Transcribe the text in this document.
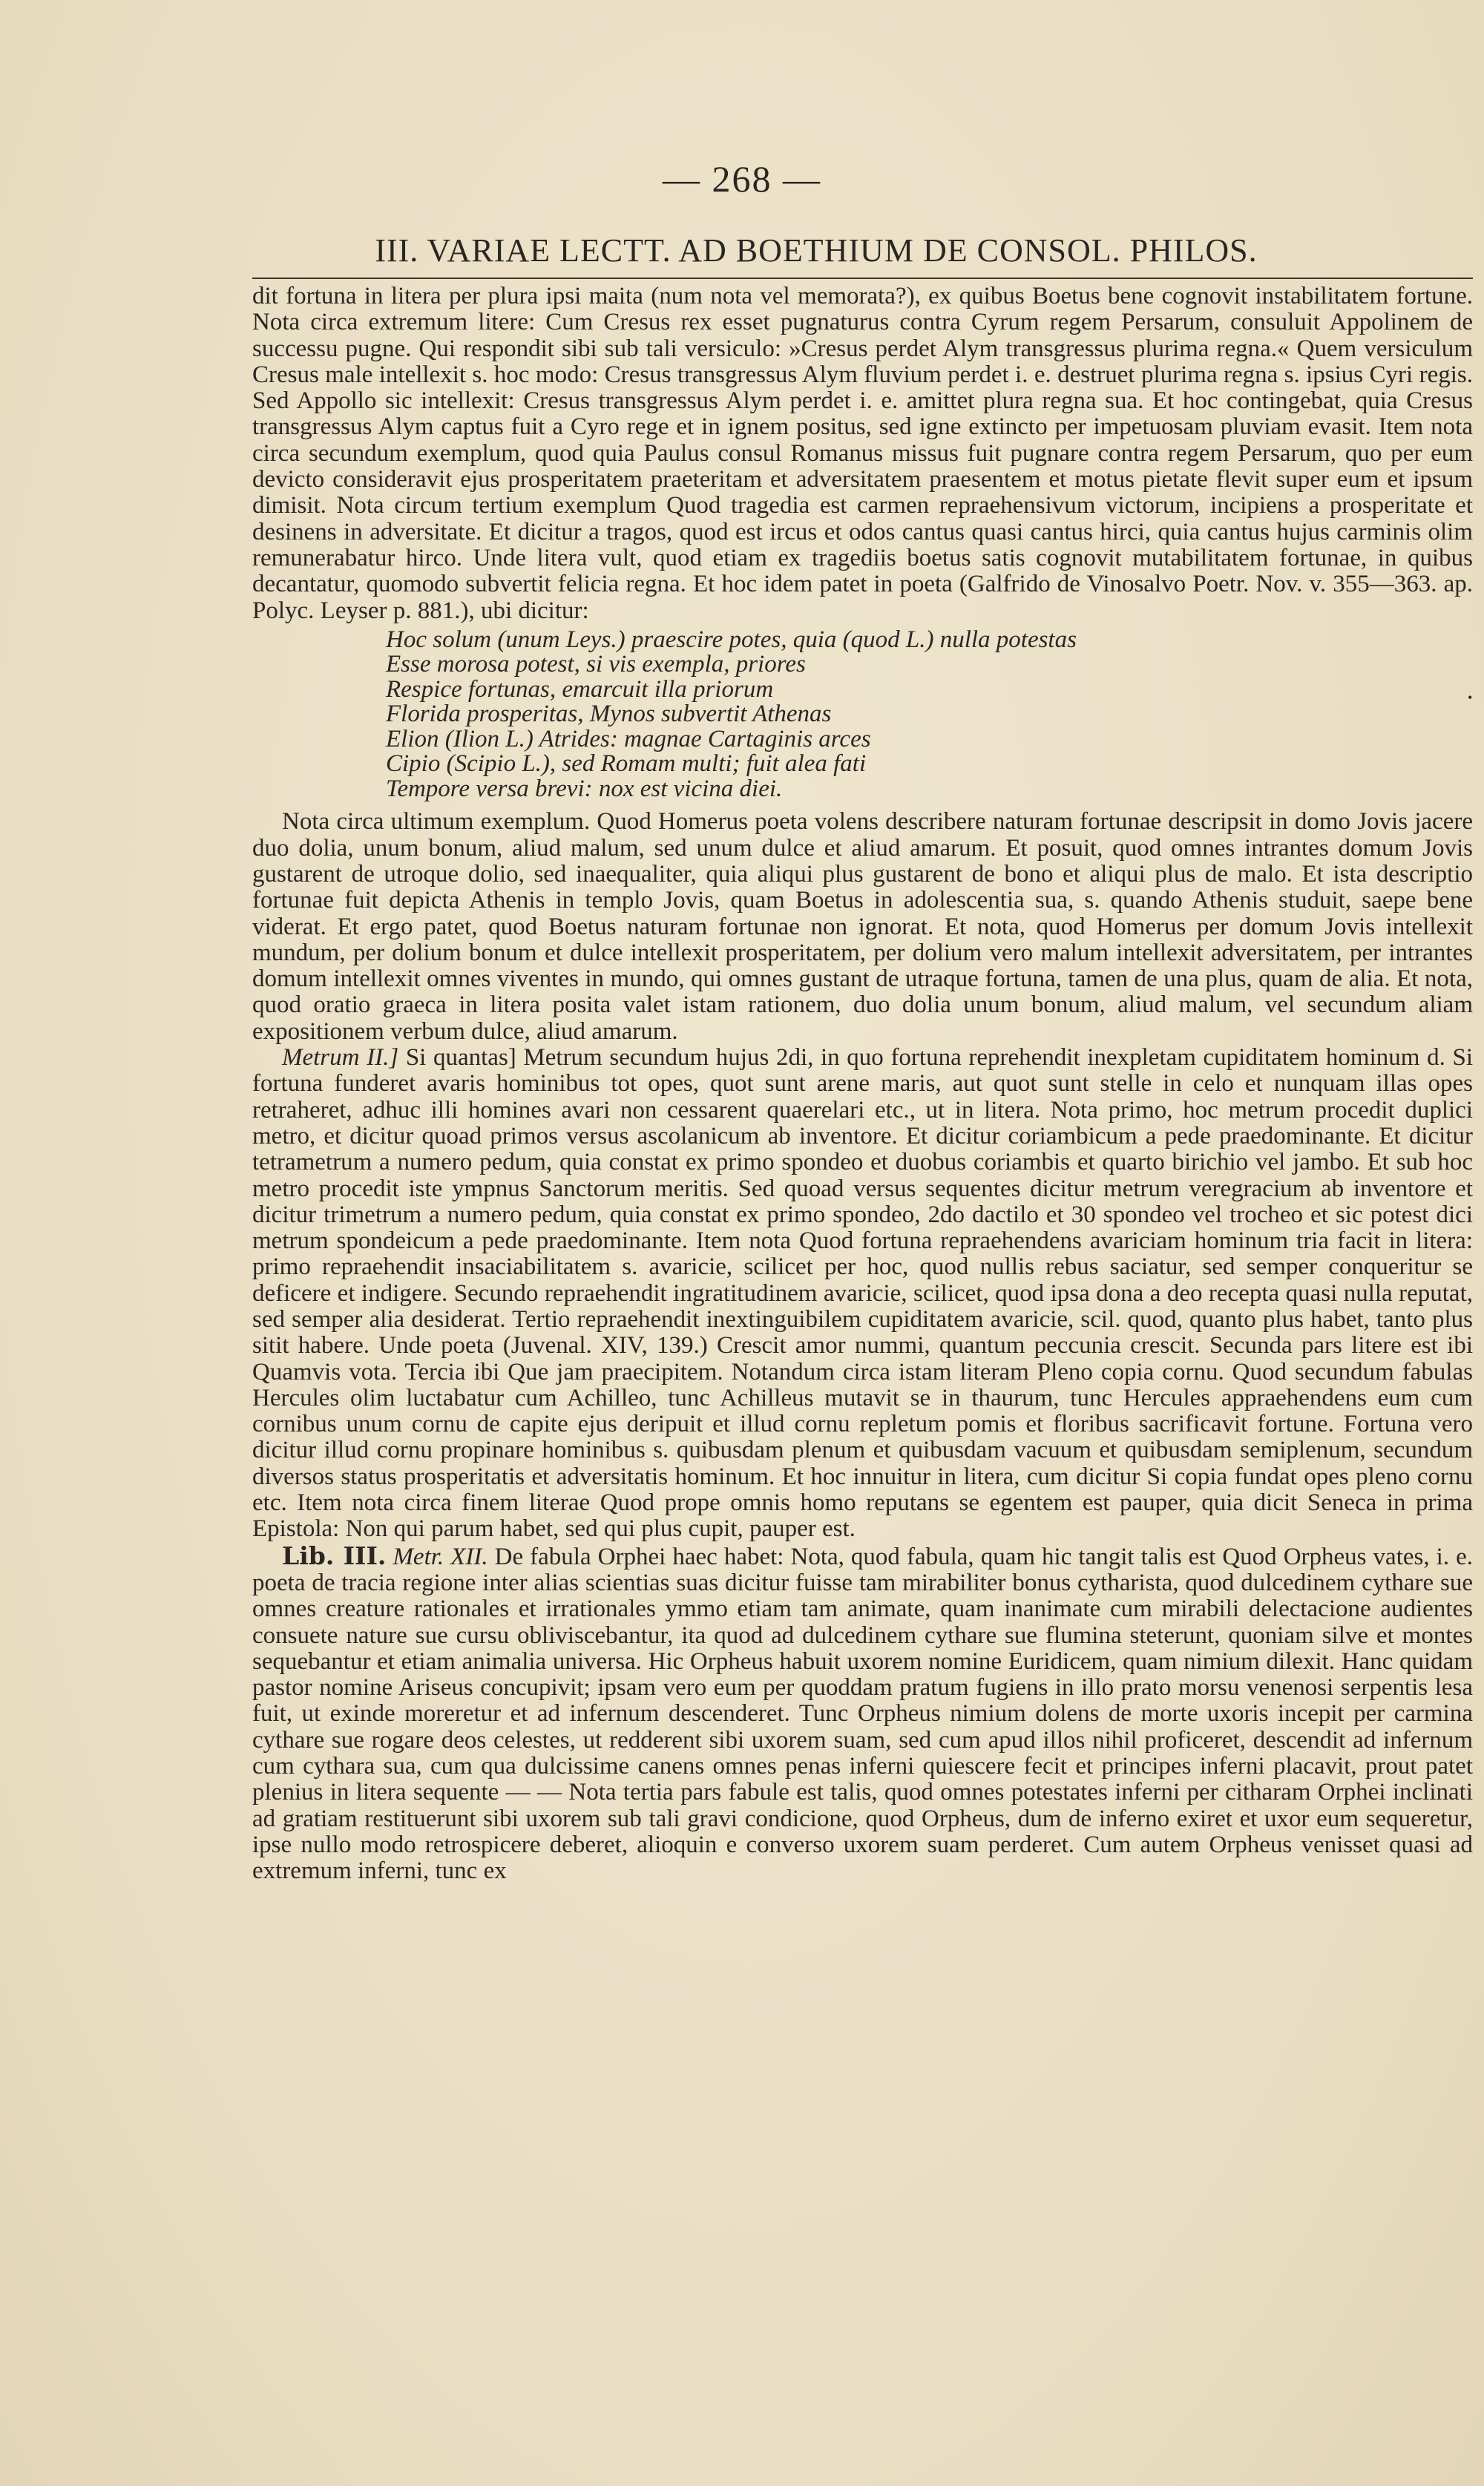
— 268 —
III. VARIAE LECTT. AD BOETHIUM DE CONSOL. PHILOS.
•

dit fortuna in litera per plura ipsi maita (num nota vel memorata?), ex quibus Boetus bene cognovit instabilitatem fortune. Nota circa extremum litere: Cum Cresus rex esset pugnaturus contra Cyrum regem Persarum, consuluit Appolinem de successu pugne. Qui respondit sibi sub tali versiculo: »Cresus perdet Alym transgressus plurima regna.« Quem versiculum Cresus male intellexit s. hoc modo: Cresus transgressus Alym fluvium perdet i. e. destruet plurima regna s. ipsius Cyri regis. Sed Appollo sic intellexit: Cresus transgressus Alym perdet i. e. amittet plura regna sua. Et hoc contingebat, quia Cresus transgressus Alym captus fuit a Cyro rege et in ignem positus, sed igne extincto per impetuosam pluviam evasit. Item nota circa secundum exemplum, quod quia Paulus consul Romanus missus fuit pugnare contra regem Persarum, quo per eum devicto consideravit ejus prosperitatem praeteritam et adversitatem praesentem et motus pietate flevit super eum et ipsum dimisit. Nota circum tertium exemplum Quod tragedia est carmen repraehensivum victorum, incipiens a prosperitate et desinens in adversitate. Et dicitur a tragos, quod est ircus et odos cantus quasi cantus hirci, quia cantus hujus carminis olim remunerabatur hirco. Unde litera vult, quod etiam ex tragediis boetus satis cognovit mutabilitatem fortunae, in quibus decantatur, quomodo subvertit felicia regna. Et hoc idem patet in poeta (Galfrido de Vinosalvo Poetr. Nov. v. 355—363. ap. Polyc. Leyser p. 881.), ubi dicitur:

Hoc solum (unum Leys.) praescire potes, quia (quod L.) nulla potestas
Esse morosa potest, si vis exempla, priores
Respice fortunas, emarcuit illa priorum
Florida prosperitas, Mynos subvertit Athenas
Elion (Ilion L.) Atrides: magnae Cartaginis arces
Cipio (Scipio L.), sed Romam multi; fuit alea fati
Tempore versa brevi: nox est vicina diei.

Nota circa ultimum exemplum. Quod Homerus poeta volens describere naturam fortunae descripsit in domo Jovis jacere duo dolia, unum bonum, aliud malum, sed unum dulce et aliud amarum. Et posuit, quod omnes intrantes domum Jovis gustarent de utroque dolio, sed inaequaliter, quia aliqui plus gustarent de bono et aliqui plus de malo. Et ista descriptio fortunae fuit depicta Athenis in templo Jovis, quam Boetus in adolescentia sua, s. quando Athenis studuit, saepe bene viderat. Et ergo patet, quod Boetus naturam fortunae non ignorat. Et nota, quod Homerus per domum Jovis intellexit mundum, per dolium bonum et dulce intellexit prosperitatem, per dolium vero malum intellexit adversitatem, per intrantes domum intellexit omnes viventes in mundo, qui omnes gustant de utraque fortuna, tamen de una plus, quam de alia. Et nota, quod oratio graeca in litera posita valet istam rationem, duo dolia unum bonum, aliud malum, vel secundum aliam expositionem verbum dulce, aliud amarum.

Metrum II.] Si quantas] Metrum secundum hujus 2di, in quo fortuna reprehendit inexpletam cupiditatem hominum d. Si fortuna funderet avaris hominibus tot opes, quot sunt arene maris, aut quot sunt stelle in celo et nunquam illas opes retraheret, adhuc illi homines avari non cessarent quaerelari etc., ut in litera. Nota primo, hoc metrum procedit duplici metro, et dicitur quoad primos versus ascolanicum ab inventore. Et dicitur coriambicum a pede praedominante. Et dicitur tetrametrum a numero pedum, quia constat ex primo spondeo et duobus coriambis et quarto birichio vel jambo. Et sub hoc metro procedit iste ympnus Sanctorum meritis. Sed quoad versus sequentes dicitur metrum veregracium ab inventore et dicitur trimetrum a numero pedum, quia constat ex primo spondeo, 2do dactilo et 30 spondeo vel trocheo et sic potest dici metrum spondeicum a pede praedominante. Item nota Quod fortuna repraehendens avariciam hominum tria facit in litera: primo repraehendit insaciabilitatem s. avaricie, scilicet per hoc, quod nullis rebus saciatur, sed semper conqueritur se deficere et indigere. Secundo repraehendit ingratitudinem avaricie, scilicet, quod ipsa dona a deo recepta quasi nulla reputat, sed semper alia desiderat. Tertio repraehendit inextinguibilem cupiditatem avaricie, scil. quod, quanto plus habet, tanto plus sitit habere. Unde poeta (Juvenal. XIV, 139.) Crescit amor nummi, quantum peccunia crescit. Secunda pars litere est ibi Quamvis vota. Tercia ibi Que jam praecipitem. Notandum circa istam literam Pleno copia cornu. Quod secundum fabulas Hercules olim luctabatur cum Achilleo, tunc Achilleus mutavit se in thaurum, tunc Hercules appraehendens eum cum cornibus unum cornu de capite ejus deripuit et illud cornu repletum pomis et floribus sacrificavit fortune. Fortuna vero dicitur illud cornu propinare hominibus s. quibusdam plenum et quibusdam vacuum et quibusdam semiplenum, secundum diversos status prosperitatis et adversitatis hominum. Et hoc innuitur in litera, cum dicitur Si copia fundat opes pleno cornu etc. Item nota circa finem literae Quod prope omnis homo reputans se egentem est pauper, quia dicit Seneca in prima Epistola: Non qui parum habet, sed qui plus cupit, pauper est.

Lib. III. Metr. XII. De fabula Orphei haec habet: Nota, quod fabula, quam hic tangit talis est Quod Orpheus vates, i. e. poeta de tracia regione inter alias scientias suas dicitur fuisse tam mirabiliter bonus cytharista, quod dulcedinem cythare sue omnes creature rationales et irrationales ymmo etiam tam animate, quam inanimate cum mirabili delectacione audientes consuete nature sue cursu obliviscebantur, ita quod ad dulcedinem cythare sue flumina steterunt, quoniam silve et montes sequebantur et etiam animalia universa. Hic Orpheus habuit uxorem nomine Euridicem, quam nimium dilexit. Hanc quidam pastor nomine Ariseus concupivit; ipsam vero eum per quoddam pratum fugiens in illo prato morsu venenosi serpentis lesa fuit, ut exinde moreretur et ad infernum descenderet. Tunc Orpheus nimium dolens de morte uxoris incepit per carmina cythare sue rogare deos celestes, ut redderent sibi uxorem suam, sed cum apud illos nihil proficeret, descendit ad infernum cum cythara sua, cum qua dulcissime canens omnes penas inferni quiescere fecit et principes inferni placavit, prout patet plenius in litera sequente — — Nota tertia pars fabule est talis, quod omnes potestates inferni per citharam Orphei inclinati ad gratiam restituerunt sibi uxorem sub tali gravi condicione, quod Orpheus, dum de inferno exiret et uxor eum sequeretur, ipse nullo modo retrospicere deberet, alioquin e converso uxorem suam perderet. Cum autem Orpheus venisset quasi ad extremum inferni, tunc ex
